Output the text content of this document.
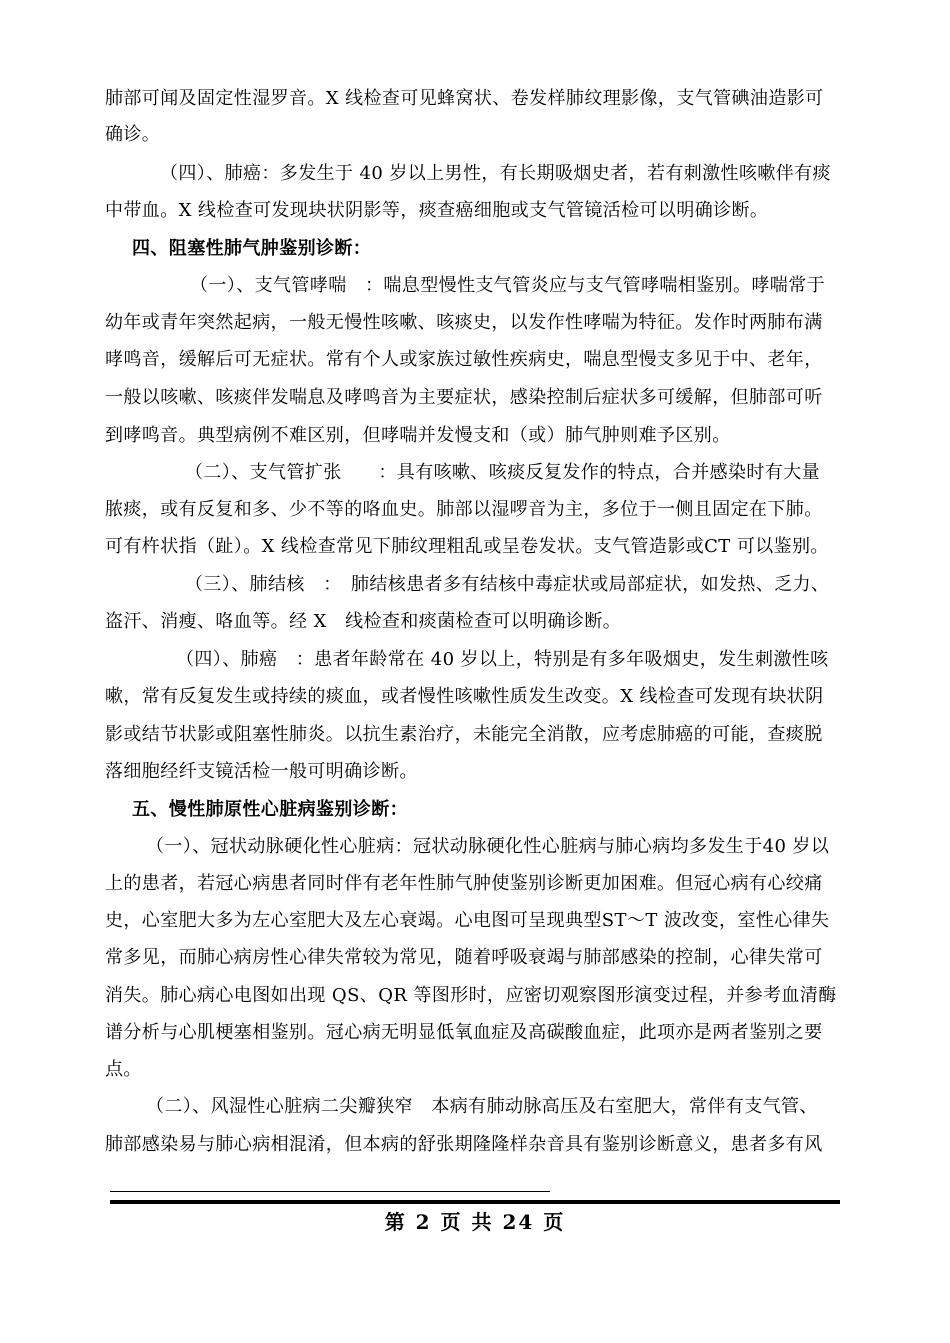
肺部可闻及固定性湿罗音。X 线检查可见蜂窝状、卷发样肺纹理影像，支气管碘油造影可
确诊。
（四）、肺癌：多发生于 40 岁以上男性，有长期吸烟史者，若有刺激性咳嗽伴有痰
中带血。X 线检查可发现块状阴影等，痰查癌细胞或支气管镜活检可以明确诊断。
四、阻塞性肺气肿鉴别诊断：
（一）、支气管哮喘　：喘息型慢性支气管炎应与支气管哮喘相鉴别。哮喘常于
幼年或青年突然起病，一般无慢性咳嗽、咳痰史，以发作性哮喘为特征。发作时两肺布满
哮鸣音，缓解后可无症状。常有个人或家族过敏性疾病史，喘息型慢支多见于中、老年，
一般以咳嗽、咳痰伴发喘息及哮鸣音为主要症状，感染控制后症状多可缓解，但肺部可听
到哮鸣音。典型病例不难区别，但哮喘并发慢支和（或）肺气肿则难予区别。
（二）、支气管扩张　　：具有咳嗽、咳痰反复发作的特点，合并感染时有大量
脓痰，或有反复和多、少不等的咯血史。肺部以湿啰音为主，多位于一侧且固定在下肺。
可有杵状指（趾）。X 线检查常见下肺纹理粗乱或呈卷发状。支气管造影或CT 可以鉴别。
（三）、肺结核　：　肺结核患者多有结核中毒症状或局部症状，如发热、乏力、
盗汗、消瘦、咯血等。经 X　线检查和痰菌检查可以明确诊断。
（四）、肺癌　：患者年龄常在 40 岁以上，特别是有多年吸烟史，发生刺激性咳
嗽，常有反复发生或持续的痰血，或者慢性咳嗽性质发生改变。X 线检查可发现有块状阴
影或结节状影或阻塞性肺炎。以抗生素治疗，未能完全消散，应考虑肺癌的可能，查痰脱
落细胞经纤支镜活检一般可明确诊断。
五、慢性肺原性心脏病鉴别诊断：
（一）、冠状动脉硬化性心脏病：冠状动脉硬化性心脏病与肺心病均多发生于40 岁以
上的患者，若冠心病患者同时伴有老年性肺气肿使鉴别诊断更加困难。但冠心病有心绞痛
史，心室肥大多为左心室肥大及左心衰竭。心电图可呈现典型ST～T 波改变，室性心律失
常多见，而肺心病房性心律失常较为常见，随着呼吸衰竭与肺部感染的控制，心律失常可
消失。肺心病心电图如出现 QS、QR 等图形时，应密切观察图形演变过程，并参考血清酶
谱分析与心肌梗塞相鉴别。冠心病无明显低氧血症及高碳酸血症，此项亦是两者鉴别之要
点。
（二）、风湿性心脏病二尖瓣狭窄　本病有肺动脉高压及右室肥大，常伴有支气管、
肺部感染易与肺心病相混淆，但本病的舒张期隆隆样杂音具有鉴别诊断意义，患者多有风
第 2 页 共 24 页
